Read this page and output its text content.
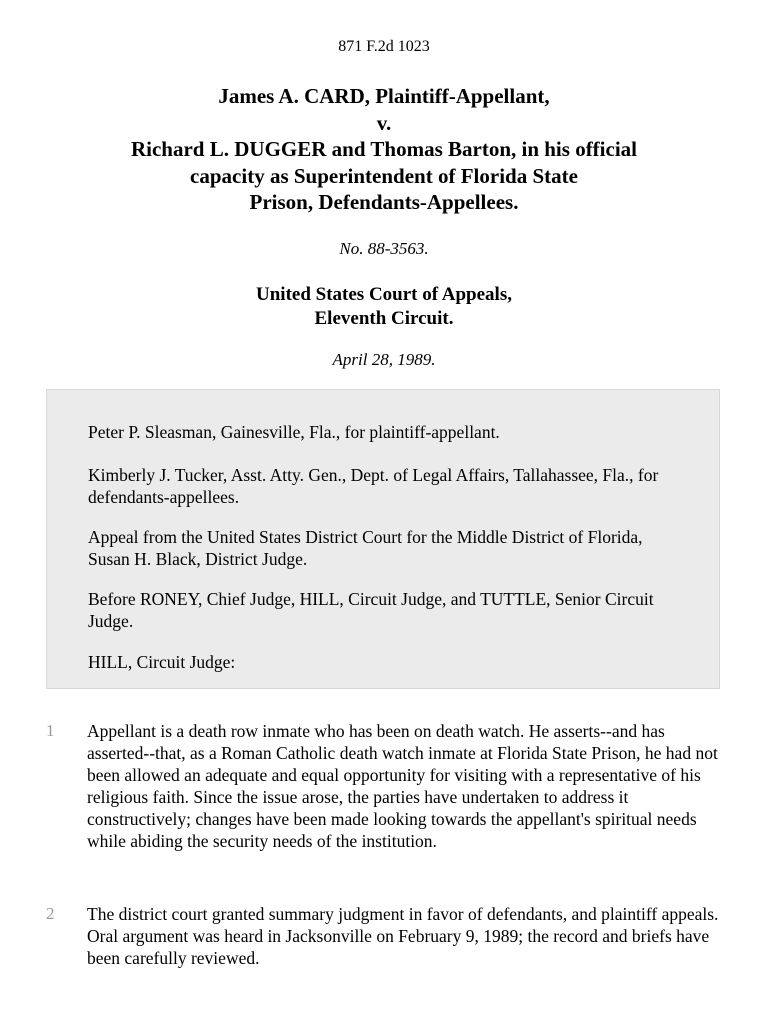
871 F.2d 1023
James A. CARD, Plaintiff-Appellant,
v.
Richard L. DUGGER and Thomas Barton, in his official
capacity as Superintendent of Florida State
Prison, Defendants-Appellees.
No. 88-3563.
United States Court of Appeals,
Eleventh Circuit.
April 28, 1989.

Peter P. Sleasman, Gainesville, Fla., for plaintiff-appellant.

Kimberly J. Tucker, Asst. Atty. Gen., Dept. of Legal Affairs, Tallahassee, Fla., for defendants-appellees.

Appeal from the United States District Court for the Middle District of Florida, Susan H. Black, District Judge.

Before RONEY, Chief Judge, HILL, Circuit Judge, and TUTTLE, Senior Circuit Judge.

HILL, Circuit Judge:

1 Appellant is a death row inmate who has been on death watch. He asserts--and has asserted--that, as a Roman Catholic death watch inmate at Florida State Prison, he had not been allowed an adequate and equal opportunity for visiting with a representative of his religious faith. Since the issue arose, the parties have undertaken to address it constructively; changes have been made looking towards the appellant's spiritual needs while abiding the security needs of the institution.

2 The district court granted summary judgment in favor of defendants, and plaintiff appeals. Oral argument was heard in Jacksonville on February 9, 1989; the record and briefs have been carefully reviewed.
